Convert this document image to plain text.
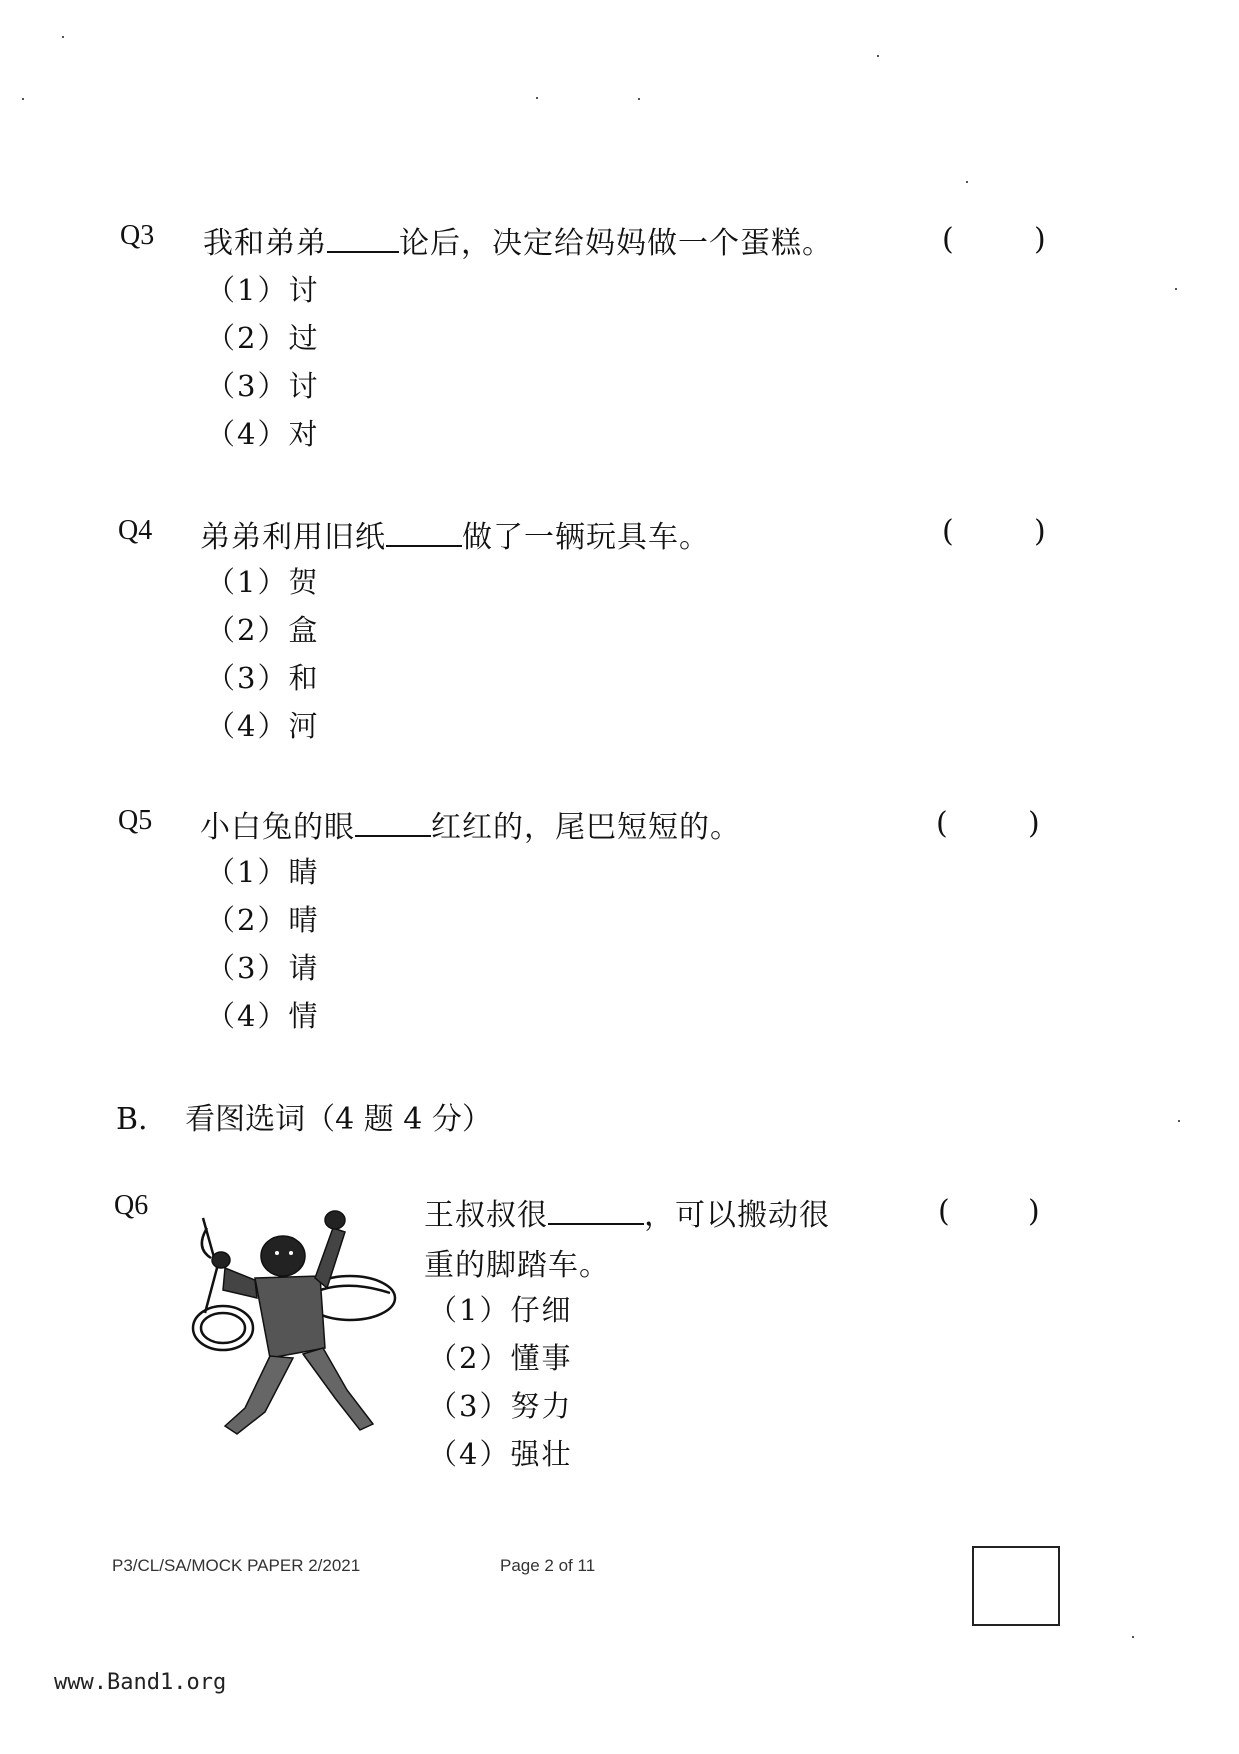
Q3 我和弟弟 论后，决定给妈妈做一个蛋糕。	(	)
（1）讨
（2）过
（3）讨
（4）对
Q4 弟弟利用旧纸	做了一辆玩具车。	(	)
（1）贺
（2）盒
（3）和
（4）河
Q5 小白兔的眼	红红的，尾巴短短的。	(	)
（1）睛
（2）晴
（3）请
（4）情
B. 看图选词（4 题 4 分）
Q6	王叔叔很	，可以搬动很
重的脚踏车。
(	)
（1）仔细
（2）懂事
（3）努力
（4）强壮
P3/CL/SA/MOCK PAPER 2/2021	Page 2 of 11
www.Band1.org
